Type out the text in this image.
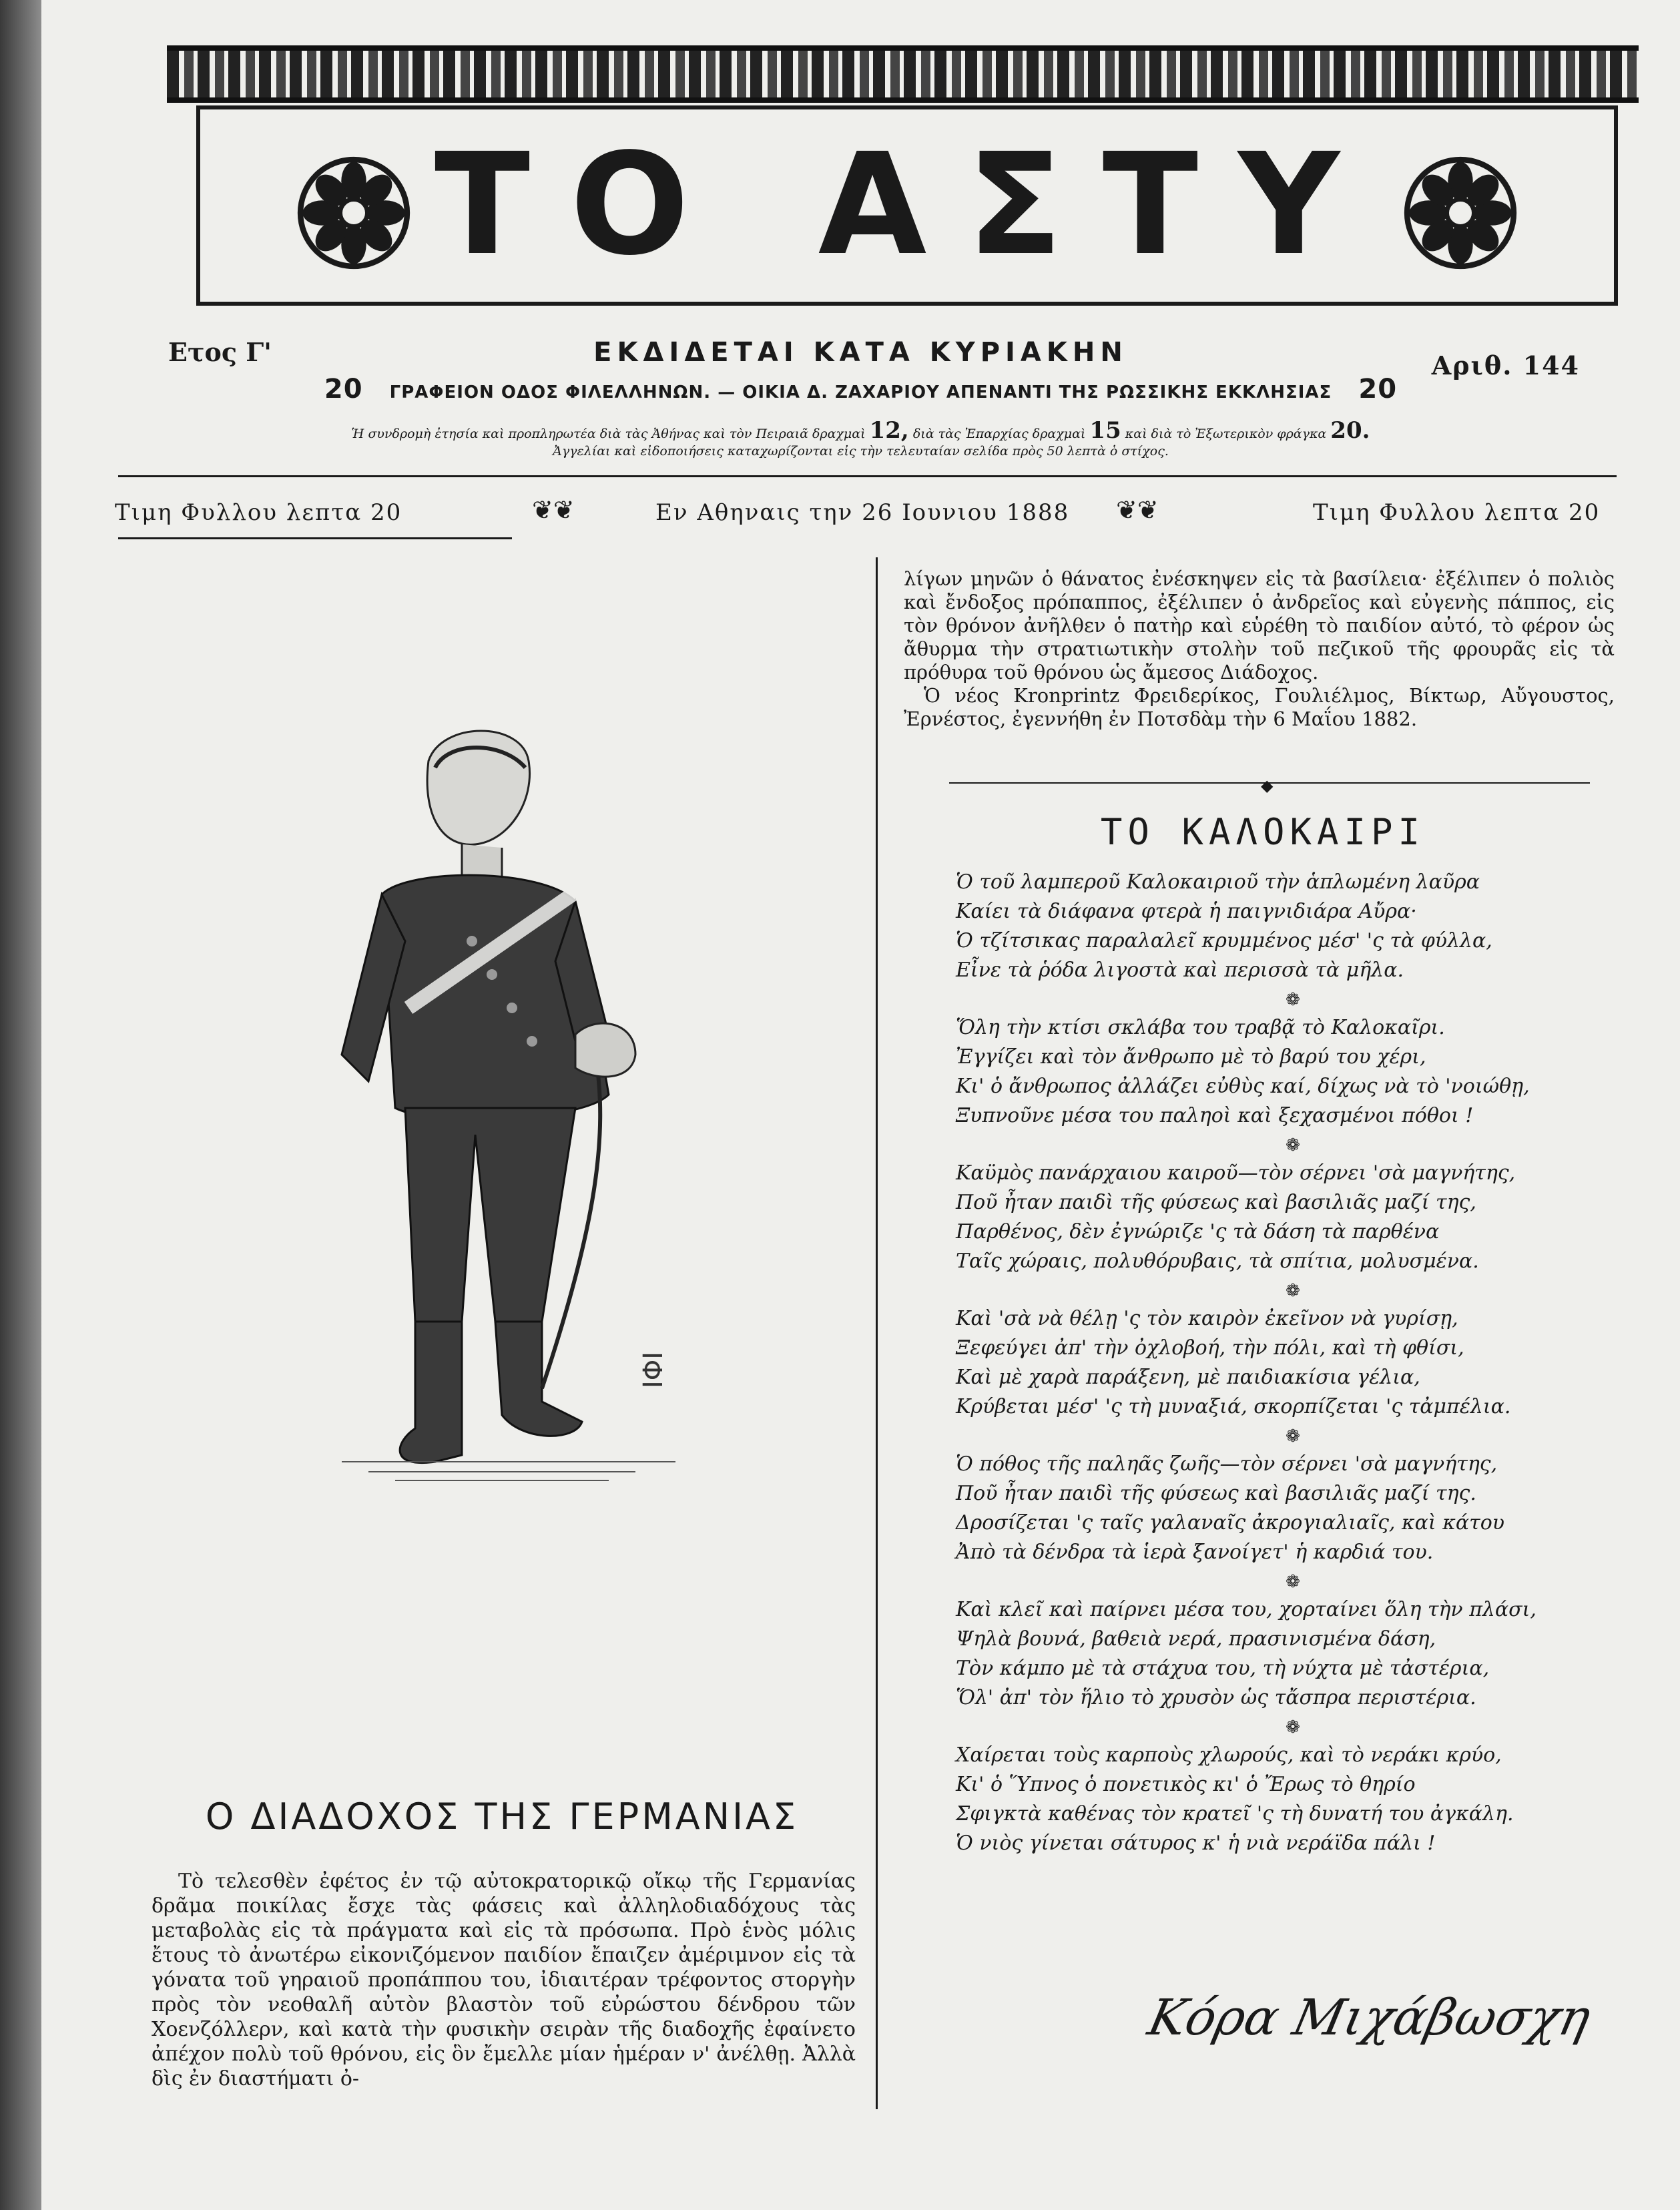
ΤΟ ΑΣΤΥ
Ετος Γ'	ΕΚΔΙΔΕΤΑΙ ΚΑΤΑ ΚΥΡΙΑΚΗΝ	Αριθ. 144
20 ΓΡΑΦΕΙΟΝ ΟΔΟΣ ΦΙΛΕΛΛΗΝΩΝ. — ΟΙΚΙΑ Δ. ΖΑΧΑΡΙΟΥ ΑΠΕΝΑΝΤΙ ΤΗΣ ΡΩΣΣΙΚΗΣ ΕΚΚΛΗΣΙΑΣ 20
Ἡ συνδρομὴ ἐτησία καὶ προπληρωτέα διὰ τὰς Ἀθήνας καὶ τὸν Πειραιᾶ δραχμαὶ 12, διὰ τὰς Ἐπαρχίας δραχμαὶ 15 καὶ διὰ τὸ Ἐξωτερικὸν φράγκα 20.
Ἀγγελίαι καὶ εἰδοποιήσεις καταχωρίζονται εἰς τὴν τελευταίαν σελίδα πρὸς 50 λεπτὰ ὁ στίχος.
Τιμη Φυλλου λεπτα 20	❦❦	Εν Αθηναις την 26 Ιουνιου 1888 ❦❦	Τιμη Φυλλου λεπτα 20
ΙΦΙ
Ο ΔΙΑΔΟΧΟΣ ΤΗΣ ΓΕΡΜΑΝΙΑΣ

Τὸ τελεσθὲν ἐφέτος ἐν τῷ αὐτοκρατορικῷ οἴκῳ τῆς Γερμανίας δρᾶμα ποικίλας ἔσχε τὰς φάσεις καὶ ἀλληλοδιαδόχους τὰς μεταβολὰς εἰς τὰ πράγματα καὶ εἰς τὰ πρόσωπα. Πρὸ ἑνὸς μόλις ἔτους τὸ ἀνωτέρω εἰκονιζόμενον παιδίον ἔπαιζεν ἀμέριμνον εἰς τὰ γόνατα τοῦ γηραιοῦ προπάππου του, ἰδιαιτέραν τρέφοντος στοργὴν πρὸς τὸν νεοθαλῆ αὐτὸν βλαστὸν τοῦ εὐρώστου δένδρου τῶν Χοενζόλλερν, καὶ κατὰ τὴν φυσικὴν σειρὰν τῆς διαδοχῆς ἐφαίνετο ἀπέχον πολὺ τοῦ θρόνου, εἰς ὃν ἔμελλε μίαν ἡμέραν ν' ἀνέλθῃ. Ἀλλὰ δὶς ἐν διαστήματι ὀ-

λίγων μηνῶν ὁ θάνατος ἐνέσκηψεν εἰς τὰ βασίλεια· ἐξέλιπεν ὁ πολιὸς καὶ ἔνδοξος πρόπαππος, ἐξέλιπεν ὁ ἀνδρεῖος καὶ εὐγενὴς πάππος, εἰς τὸν θρόνον ἀνῆλθεν ὁ πατὴρ καὶ εὑρέθη τὸ παιδίον αὐτό, τὸ φέρον ὡς ἄθυρμα τὴν στρατιωτικὴν στολὴν τοῦ πεζικοῦ τῆς φρουρᾶς εἰς τὰ πρόθυρα τοῦ θρόνου ὡς ἄμεσος Διάδοχος.

Ὁ νέος Kronprintz Φρειδερίκος, Γουλιέλμος, Βίκτωρ, Αὔγουστος, Ἐρνέστος, ἐγεννήθη ἐν Ποτσδὰμ τὴν 6 Μαΐου 1882.

◆
ΤΟ ΚΑΛΟΚΑΙΡΙ
Ὁ τοῦ λαμπεροῦ Καλοκαιριοῦ τὴν ἁπλωμένη λαῦρα
Καίει τὰ διάφανα φτερὰ ἡ παιγνιδιάρα Αὔρα·
Ὁ τζίτσικας παραλαλεῖ κρυμμένος μέσ' 'ς τὰ φύλλα,
Εἶνε τὰ ῥόδα λιγοστὰ καὶ περισσὰ τὰ μῆλα.
❁
Ὅλη τὴν κτίσι σκλάβα του τραβᾷ τὸ Καλοκαῖρι.
Ἐγγίζει καὶ τὸν ἄνθρωπο μὲ τὸ βαρύ του χέρι,
Κι' ὁ ἄνθρωπος ἀλλάζει εὐθὺς καί, δίχως νὰ τὸ 'νοιώθῃ,
Ξυπνοῦνε μέσα του παληοὶ καὶ ξεχασμένοι πόθοι !
❁
Καϋμὸς πανάρχαιου καιροῦ—τὸν σέρνει 'σὰ μαγνήτης,
Ποῦ ἦταν παιδὶ τῆς φύσεως καὶ βασιλιᾶς μαζί της,
Παρθένος, δὲν ἐγνώριζε 'ς τὰ δάση τὰ παρθένα
Ταῖς χώραις, πολυθόρυβαις, τὰ σπίτια, μολυσμένα.
❁
Καὶ 'σὰ νὰ θέλῃ 'ς τὸν καιρὸν ἐκεῖνον νὰ γυρίσῃ,
Ξεφεύγει ἀπ' τὴν ὀχλοβοή, τὴν πόλι, καὶ τὴ φθίσι,
Καὶ μὲ χαρὰ παράξενη, μὲ παιδιακίσια γέλια,
Κρύβεται μέσ' 'ς τὴ μυναξιά, σκορπίζεται 'ς τἀμπέλια.
❁
Ὁ πόθος τῆς παληᾶς ζωῆς—τὸν σέρνει 'σὰ μαγνήτης,
Ποῦ ἦταν παιδὶ τῆς φύσεως καὶ βασιλιᾶς μαζί της.
Δροσίζεται 'ς ταῖς γαλαναῖς ἀκρογιαλιαῖς, καὶ κάτου
Ἀπὸ τὰ δένδρα τὰ ἱερὰ ξανοίγετ' ἡ καρδιά του.
❁
Καὶ κλεῖ καὶ παίρνει μέσα του, χορταίνει ὅλη τὴν πλάσι,
Ψηλὰ βουνά, βαθειὰ νερά, πρασινισμένα δάση,
Τὸν κάμπο μὲ τὰ στάχυα του, τὴ νύχτα μὲ τἀστέρια,
Ὅλ' ἀπ' τὸν ἥλιο τὸ χρυσὸν ὡς τἄσπρα περιστέρια.
❁
Χαίρεται τοὺς καρποὺς χλωρούς, καὶ τὸ νεράκι κρύο,
Κι' ὁ Ὕπνος ὁ πονετικὸς κι' ὁ Ἔρως τὸ θηρίο
Σφιγκτὰ καθένας τὸν κρατεῖ 'ς τὴ δυνατή του ἀγκάλη.
Ὁ νιὸς γίνεται σάτυρος κ' ἡ νιὰ νεράϊδα πάλι !
Κόρα Μιχάβωσχη
